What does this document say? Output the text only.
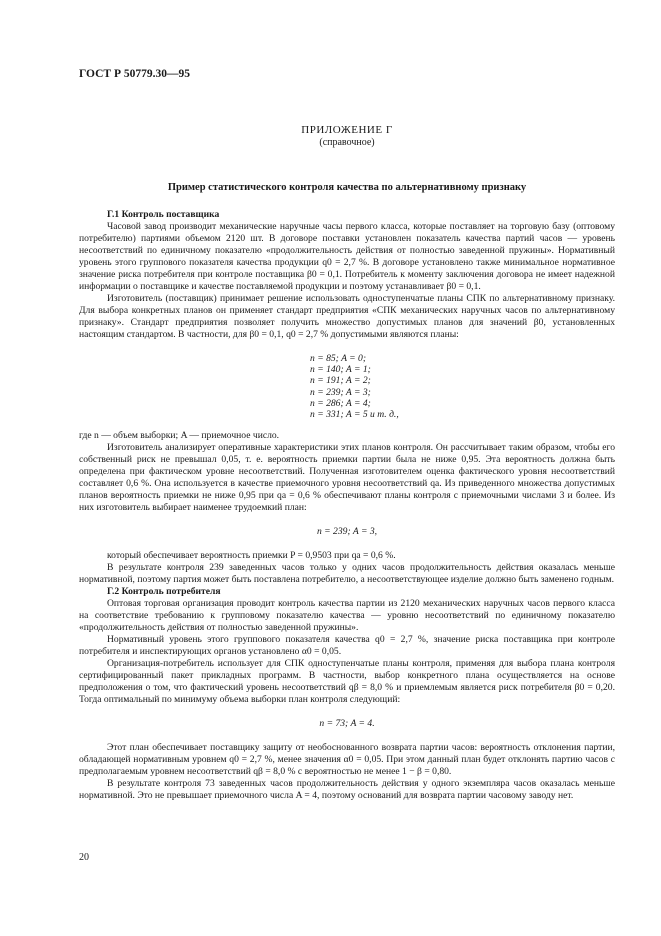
ГОСТ Р 50779.30—95
ПРИЛОЖЕНИЕ Г
(справочное)
Пример статистического контроля качества по альтернативному признаку
Г.1 Контроль поставщика

Часовой завод производит механические наручные часы первого класса, которые поставляет на торговую базу (оптовому потребителю) партиями объемом 2120 шт. В договоре поставки установлен показатель качества партий часов — уровень несоответствий по единичному показателю «продолжительность действия от полностью заведенной пружины». Нормативный уровень этого группового показателя качества продукции q0 = 2,7 %. В договоре установлено также минимальное нормативное значение риска потребителя при контроле поставщика β0 = 0,1. Потребитель к моменту заключения договора не имеет надежной информации о поставщике и качестве поставляемой продукции и поэтому устанавливает β0 = 0,1.

Изготовитель (поставщик) принимает решение использовать одноступенчатые планы СПК по альтернативному признаку. Для выбора конкретных планов он применяет стандарт предприятия «СПК механических наручных часов по альтернативному признаку». Стандарт предприятия позволяет получить множество допустимых планов для значений β0, установленных настоящим стандартом. В частности, для β0 = 0,1, q0 = 2,7 % допустимыми являются планы:

n = 85; A = 0;
n = 140; A = 1;
n = 191; A = 2;
n = 239; A = 3;
n = 286; A = 4;
n = 331; A = 5 и т. д.,

где n — объем выборки; A — приемочное число.

Изготовитель анализирует оперативные характеристики этих планов контроля. Он рассчитывает таким образом, чтобы его собственный риск не превышал 0,05, т. е. вероятность приемки партии была не ниже 0,95. Эта вероятность должна быть определена при фактическом уровне несоответствий. Полученная изготовителем оценка фактического уровня несоответствий составляет 0,6 %. Она используется в качестве приемочного уровня несоответствий qа. Из приведенного множества допустимых планов вероятность приемки не ниже 0,95 при qа = 0,6 % обеспечивают планы контроля с приемочными числами 3 и более. Из них изготовитель выбирает наименее трудоемкий план:

n = 239; A = 3,

который обеспечивает вероятность приемки P = 0,9503 при qа = 0,6 %.

В результате контроля 239 заведенных часов только у одних часов продолжительность действия оказалась меньше нормативной, поэтому партия может быть поставлена потребителю, а несоответствующее изделие должно быть заменено годным.

Г.2 Контроль потребителя

Оптовая торговая организация проводит контроль качества партии из 2120 механических наручных часов первого класса на соответствие требованию к групповому показателю качества — уровню несоответствий по единичному показателю «продолжительность действия от полностью заведенной пружины».

Нормативный уровень этого группового показателя качества q0 = 2,7 %, значение риска поставщика при контроле потребителя и инспектирующих органов установлено α0 = 0,05.

Организация-потребитель использует для СПК одноступенчатые планы контроля, применяя для выбора плана контроля сертифицированный пакет прикладных программ. В частности, выбор конкретного плана осуществляется на основе предположения о том, что фактический уровень несоответствий qβ = 8,0 % и приемлемым является риск потребителя β0 = 0,20. Тогда оптимальный по минимуму объема выборки план контроля следующий:

n = 73; A = 4.

Этот план обеспечивает поставщику защиту от необоснованного возврата партии часов: вероятность отклонения партии, обладающей нормативным уровнем q0 = 2,7 %, менее значения α0 = 0,05. При этом данный план будет отклонять партию часов с предполагаемым уровнем несоответствий qβ = 8,0 % с вероятностью не менее 1 − β = 0,80.

В результате контроля 73 заведенных часов продолжительность действия у одного экземпляра часов оказалась меньше нормативной. Это не превышает приемочного числа A = 4, поэтому оснований для возврата партии часовому заводу нет.

20
